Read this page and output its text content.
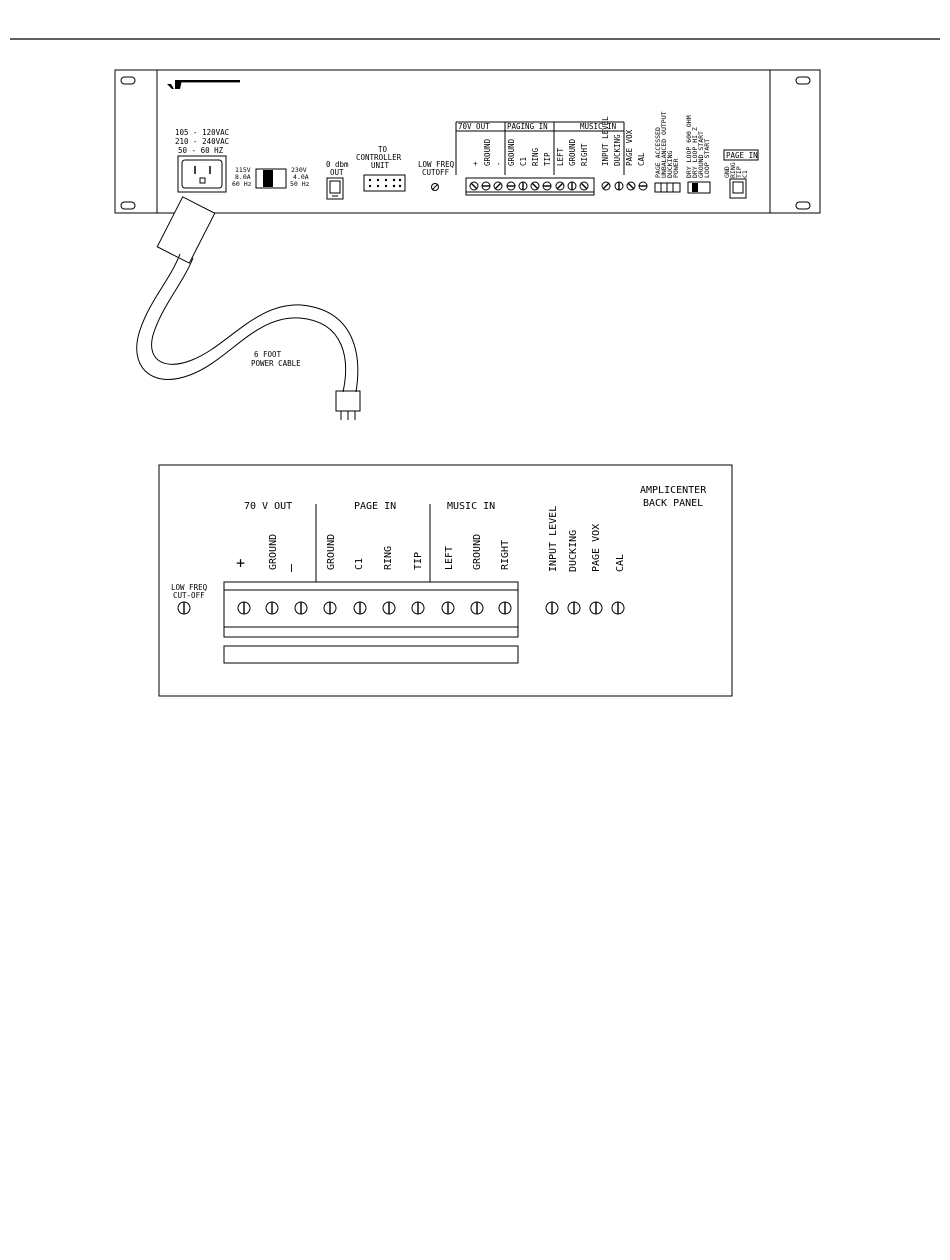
105 - 120VAC
210 - 240VAC
50 - 60 HZ
115V
8.0A
60 Hz
230V
4.0A
50 Hz
0 dbm
OUT
TO
CONTROLLER
UNIT	LOW FREQ
CUTOFF
70V OUT PAGING IN	MUSIC IN
+ GROUND - GROUND C1 RING TIP LEFT GROUND RIGHT INPUT LEVEL DUCKING PAGE VOX CAL PAGE ACCESSED
UNBALANCED OUTPUT
DUCKING
POWER DRY LOOP 600 OHM
DRY LOOP HI Z
GROUND START
LOOP START PAGE IN
GND
RING
TIP
C1
6 FOOT
POWER CABLE
AMPLICENTER
BACK PANEL
70 V OUT	PAGE IN	MUSIC IN
+ GROUND —	GROUND C1 RING TIP LEFT GROUND RIGHT	INPUT LEVEL DUCKING PAGE VOX CAL
LOW FREQ
CUT-OFF
